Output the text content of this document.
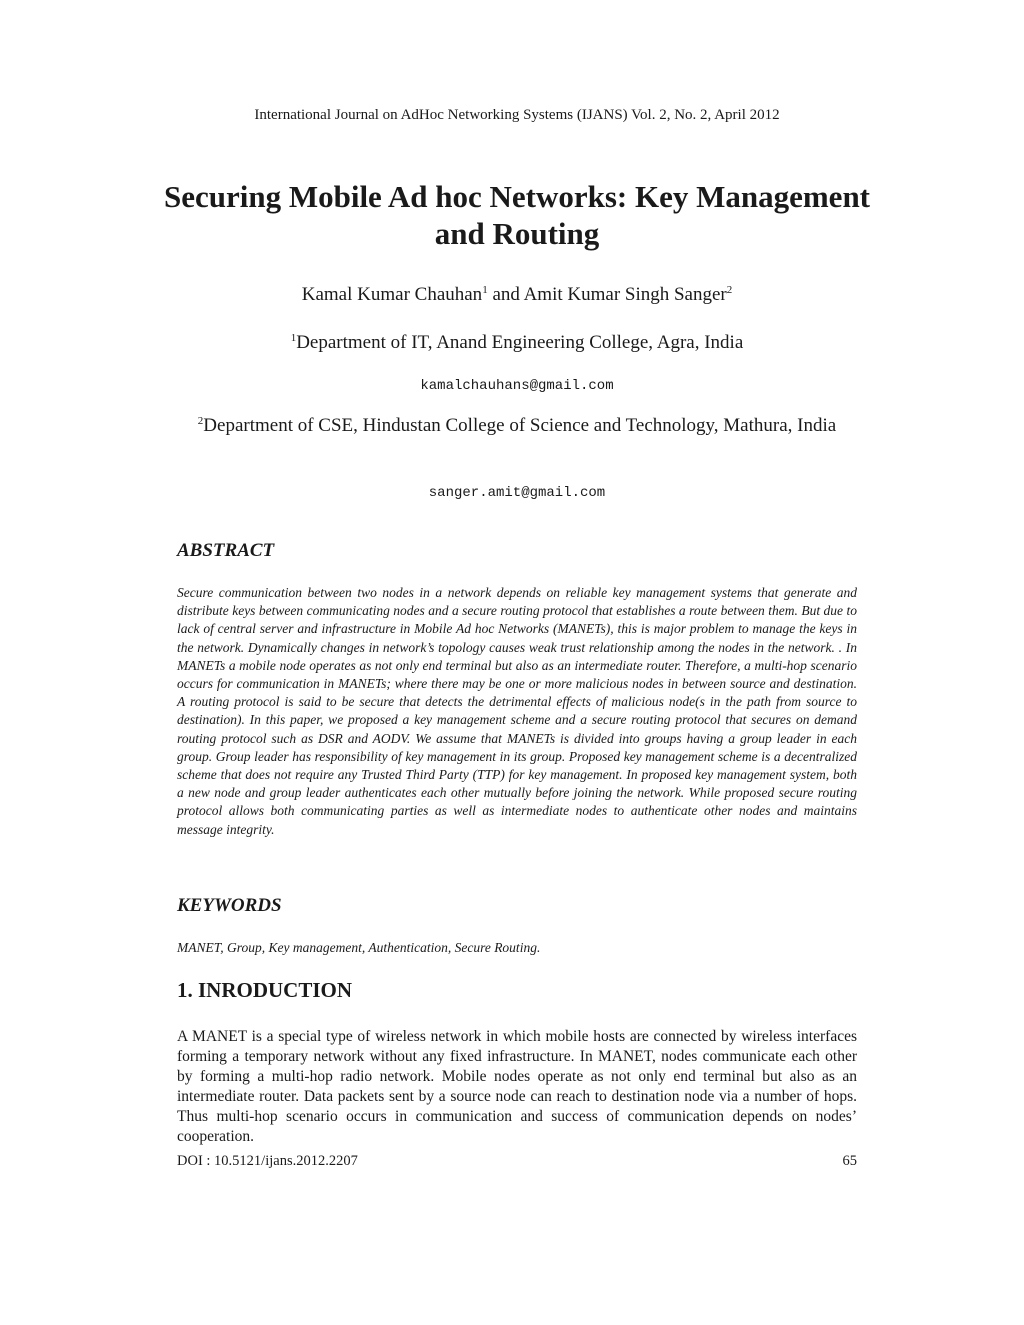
International Journal on AdHoc Networking Systems (IJANS) Vol. 2, No. 2, April 2012
Securing Mobile Ad hoc Networks: Key Management and Routing
Kamal Kumar Chauhan$^1$ and Amit Kumar Singh Sanger$^2$
$^1$Department of IT, Anand Engineering College, Agra, India
kamalchauhans@gmail.com
$^2$Department of CSE, Hindustan College of Science and Technology, Mathura, India
sanger.amit@gmail.com
ABSTRACT

Secure communication between two nodes in a network depends on reliable key management systems that generate and distribute keys between communicating nodes and a secure routing protocol that establishes a route between them. But due to lack of central server and infrastructure in Mobile Ad hoc Networks (MANETs), this is major problem to manage the keys in the network. Dynamically changes in network’s topology causes weak trust relationship among the nodes in the network. . In MANETs a mobile node operates as not only end terminal but also as an intermediate router. Therefore, a multi-hop scenario occurs for communication in MANETs; where there may be one or more malicious nodes in between source and destination. A routing protocol is said to be secure that detects the detrimental effects of malicious node(s in the path from source to destination). In this paper, we proposed a key management scheme and a secure routing protocol that secures on demand routing protocol such as DSR and AODV. We assume that MANETs is divided into groups having a group leader in each group. Group leader has responsibility of key management in its group. Proposed key management scheme is a decentralized scheme that does not require any Trusted Third Party (TTP) for key management. In proposed key management system, both a new node and group leader authenticates each other mutually before joining the network. While proposed secure routing protocol allows both communicating parties as well as intermediate nodes to authenticate other nodes and maintains message integrity.

KEYWORDS

MANET, Group, Key management, Authentication, Secure Routing.

1. INRODUCTION

A MANET is a special type of wireless network in which mobile hosts are connected by wireless interfaces forming a temporary network without any fixed infrastructure. In MANET, nodes communicate each other by forming a multi-hop radio network. Mobile nodes operate as not only end terminal but also as an intermediate router. Data packets sent by a source node can reach to destination node via a number of hops. Thus multi-hop scenario occurs in communication and success of communication depends on nodes’ cooperation.

DOI : 10.5121/ijans.2012.2207	65
